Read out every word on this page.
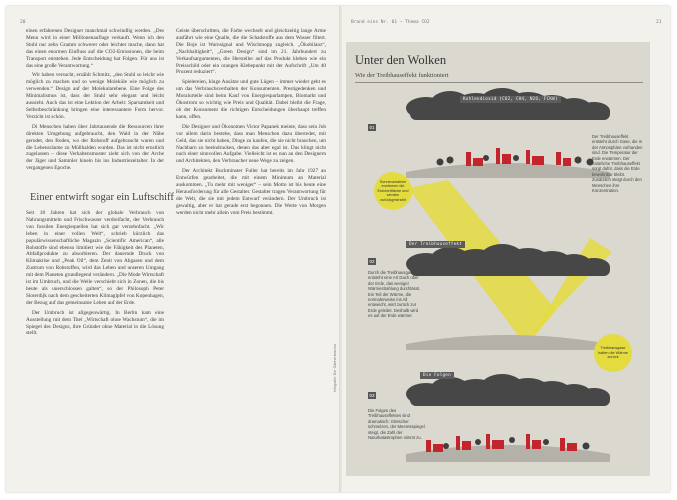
20

einen erfahrenen Designer manchmal schwindlig werden. „Des Menu wird in einer Millionenauflage verkauft. Wenn ich den Stuhl nur zehn Gramm schwerer oder leichter mache, dann hat das einen enormen Einfluss auf die CO2-Emissionen, die beim Transport entstehen. Jede Entscheidung hat Folgen. Für uns ist das eine große Verantwortung.“

Wir haben versucht, erzählt Schmitz, „den Stuhl so leicht wie möglich zu machen und so wenige Moleküle wie möglich zu verwenden.“ Design auf der Molekularebene. Eine Folge des Minimalismus ist, dass der Stuhl sehr elegant und leicht aussieht. Auch das ist eine Lektion der Arbeit: Sparsamkeit und Selbstbeschränkung bringen eine interessantere Form hervor. Verzicht ist schön.

Di Menschen haben über Jahrtausende die Ressourcen ihrer direkten Umgebung aufgebraucht, den Wald in der Nähe gerodet, den Boden, wo der Rohstoff aufgebraucht waren und die Lebensräume zu Müllhalden wurden. Das ist nicht ernstlich zugelassen – diese Verhaltensmuster zieht sich von der Arche der Jäger und Sammler hinein bis ins Industriezeitalter. In der vergangenen Epoche.

Einer entwirft sogar ein Luftschiff

Seit 18 Jahren hat sich der globale Verbrauch von Nahrungsmitteln und Frischwasser verdreifacht, der Verbrauch von fossilen Energiequellen hat sich gar verzehnfacht. „Wir leben in einer vollen Welt“, schrieb kürzlich das populärwissenschaftliche Magazin „Scientific American“, alle Rohstoffe sind ebenso limitiert wie die Fähigkeit des Planeten, Abfallprodukte zu absorbieren. Der dauernde Druck von Klimakrise und „Peak Oil“, dem Zenit von Abgasen und dem Zustrom von Rohstoffen, wird das Leben und unseren Umgang mit dem Planeten grundlegend verändern. „Die Mode Wirtschaft ist im Umbruch, und die Welle verschiebt sich in Zonen, die bis heute als unerschlossen galten“, so der Philosoph Peter Sloterdijk nach dem gescheiterten Klimagipfel von Kopenhagen, der Bezug auf das gemeinsame Leben auf der Erde.

Der Umbruch ist allgegenwärtig. In Berlin kam eine Ausstellung mit dem Titel „Wirtschaft ohne Wachstum“, die im Spiegel des Designs, ihre Gründer ohne Material in die Lösung stellt.

Geiste überschritten, die Farbe wechselt und gleichzeitig lange Arme ausfährt wie eine Qualle, die die Schadstoffe aus dem Wasser filtert. Die Boje ist Warnsignal und Wischmopp zugleich. „Ökobilanz“, „Nachhaltigkeit“, „Green Design“ sind im 21. Jahrhundert zu Verkaufsargumenten, die Hersteller auf das Produkt kleben wie ein Preisschild oder ein orangen Klebepunkt mit der Aufschrift „Um 40 Prozent reduziert“.

Spielereien, kluge Ansätze und gute Lügen – immer wieder geht es um das Verbrauchsverhalten der Konsumenten. Prestigedenken und Moralurteile sind beim Kauf von Energiesparlampen, Biomarkt und Ökostrom so wichtig wie Preis und Qualität. Dabei bleibt die Frage, ob der Konsument die richtigen Entscheidungen überhaupt treffen kann, offen.

Die Designer und Ökonomen Victor Papanek meinte, dass sein Job vor allem darin bestehe, dass man Menschen dazu überredet, mit Geld, das sie nicht haben, Dinge zu kaufen, die sie nicht brauchen, um Nachbarn zu beeindrucken, denen das aber egal ist. Das klingt nicht nach einer sinnvollen Aufgabe. Vielleicht ist es nun an den Designern und Architekten, den Verbraucher neue Wege zu zeigen.

Der Architekt Buckminster Fuller hat bereits im Jahr 1927 an Entwürfen gearbeitet, die mit einem Minimum an Material auskommen. „Tu mehr mit weniger“ – sein Motto ist bis heute eine Herausforderung für alle Gestalter. Gestalter tragen Verantwortung für die Welt, die sie mit jedem Entwurf verändern. Der Umbruch ist gewaltig, aber er hat gerade erst begonnen. Die Werte von Morgen werden nicht mehr allein vom Preis bestimmt.

Brand eins Nr. 01 – Thema CO2	21
Infografik: Der Gärtnerkosmos
Unter den Wolken
Wie der Treibhauseffekt funktioniert
Kohlendioxid (CO2, CH4, N2O, FCKW)
Der Treibhauseffekt
Die Folgen
01
02
03
Der Treibhauseffekt entsteht durch Gase, die in der Atmosphäre vorhanden sind. Die Temperatur der Erde erwärmen. Der natürliche Treibhauseffekt sorgt dafür, dass die Erde bewohnbar bleibt. Zusätzlich steigt durch den Menschen ihre Konzentration.
Durch die Treibhausgase entsteht eine Art Dach über der Erde, das weniger Wärmestrahlung durchlässt. Ein Teil der Wärme, die normalerweise ins All entweicht, wird zurück zur Erde geleitet. Deshalb wird es auf der Erde wärmer.
Die Folgen des Treibhauseffektes sind dramatisch: Gletscher schmelzen, der Meeresspiegel steigt, die Zahl der Naturkatastrophen nimmt zu.
Sonnenstrahlen erwärmen die Erdoberfläche und werden zurückgestrahlt
Treibhausgase halten die Wärme zurück
